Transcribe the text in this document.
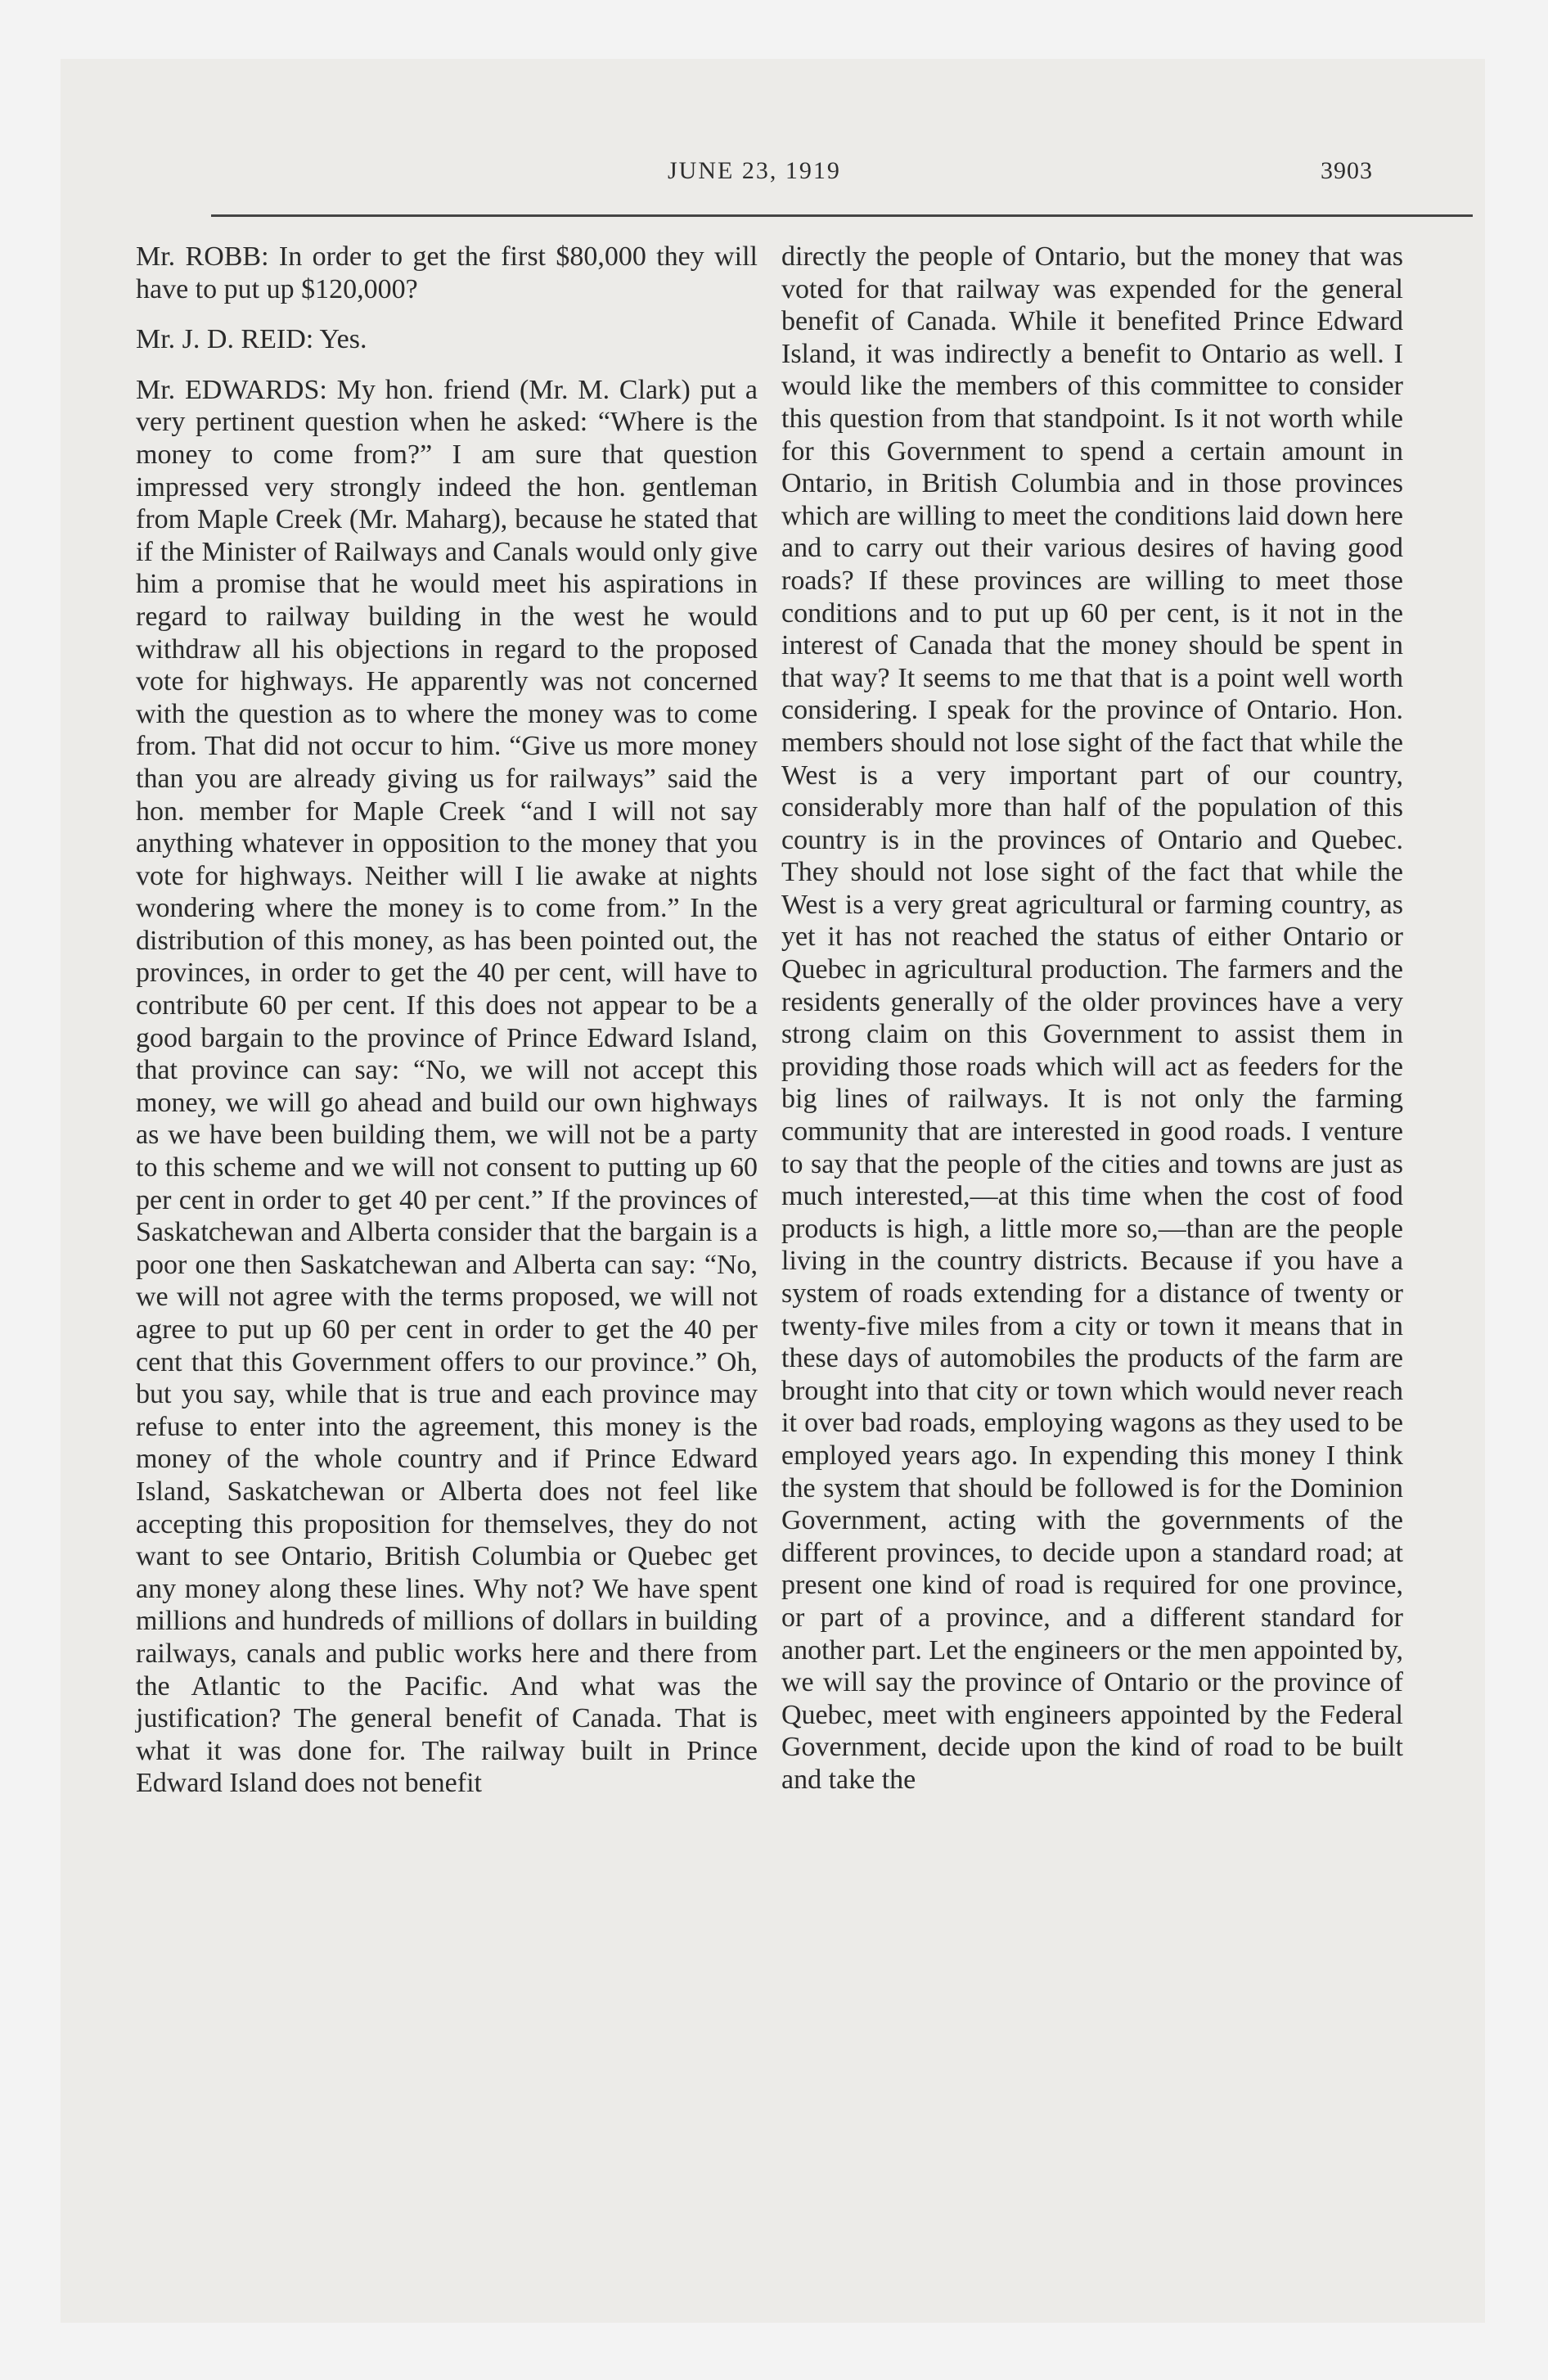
JUNE 23, 1919	3903

Mr. ROBB: In order to get the first $80,000 they will have to put up $120,000?

Mr. J. D. REID: Yes.

Mr. EDWARDS: My hon. friend (Mr. M. Clark) put a very pertinent question when he asked: “Where is the money to come from?” I am sure that question impressed very strongly indeed the hon. gentleman from Maple Creek (Mr. Maharg), because he stated that if the Minister of Railways and Canals would only give him a promise that he would meet his aspirations in regard to railway building in the west he would withdraw all his objections in regard to the proposed vote for highways. He apparently was not concerned with the question as to where the money was to come from. That did not occur to him. “Give us more money than you are already giving us for railways” said the hon. member for Maple Creek “and I will not say anything whatever in opposition to the money that you vote for highways. Neither will I lie awake at nights wondering where the money is to come from.” In the distribution of this money, as has been pointed out, the provinces, in order to get the 40 per cent, will have to contribute 60 per cent. If this does not appear to be a good bargain to the province of Prince Edward Island, that province can say: “No, we will not accept this money, we will go ahead and build our own highways as we have been building them, we will not be a party to this scheme and we will not consent to putting up 60 per cent in order to get 40 per cent.” If the provinces of Saskatchewan and Alberta consider that the bargain is a poor one then Saskatchewan and Alberta can say: “No, we will not agree with the terms proposed, we will not agree to put up 60 per cent in order to get the 40 per cent that this Government offers to our province.” Oh, but you say, while that is true and each province may refuse to enter into the agreement, this money is the money of the whole country and if Prince Edward Island, Saskatchewan or Alberta does not feel like accepting this proposition for themselves, they do not want to see Ontario, British Columbia or Quebec get any money along these lines. Why not? We have spent millions and hundreds of millions of dollars in building railways, canals and public works here and there from the Atlantic to the Pacific. And what was the justification? The general benefit of Canada. That is what it was done for. The railway built in Prince Edward Island does not benefit

directly the people of Ontario, but the money that was voted for that railway was expended for the general benefit of Canada. While it benefited Prince Edward Island, it was indirectly a benefit to Ontario as well. I would like the members of this committee to consider this question from that standpoint. Is it not worth while for this Government to spend a certain amount in Ontario, in British Columbia and in those provinces which are willing to meet the conditions laid down here and to carry out their various desires of having good roads? If these provinces are willing to meet those conditions and to put up 60 per cent, is it not in the interest of Canada that the money should be spent in that way? It seems to me that that is a point well worth considering. I speak for the province of Ontario. Hon. members should not lose sight of the fact that while the West is a very important part of our country, considerably more than half of the population of this country is in the provinces of Ontario and Quebec. They should not lose sight of the fact that while the West is a very great agricultural or farming country, as yet it has not reached the status of either Ontario or Quebec in agricultural production. The farmers and the residents generally of the older provinces have a very strong claim on this Government to assist them in providing those roads which will act as feeders for the big lines of railways. It is not only the farming community that are interested in good roads. I venture to say that the people of the cities and towns are just as much interested,—at this time when the cost of food products is high, a little more so,—than are the people living in the country districts. Because if you have a system of roads extending for a distance of twenty or twenty-five miles from a city or town it means that in these days of automobiles the products of the farm are brought into that city or town which would never reach it over bad roads, employing wagons as they used to be employed years ago. In expending this money I think the system that should be followed is for the Dominion Government, acting with the governments of the different provinces, to decide upon a standard road; at present one kind of road is required for one province, or part of a province, and a different standard for another part. Let the engineers or the men appointed by, we will say the province of Ontario or the province of Quebec, meet with engineers appointed by the Federal Government, decide upon the kind of road to be built and take the
